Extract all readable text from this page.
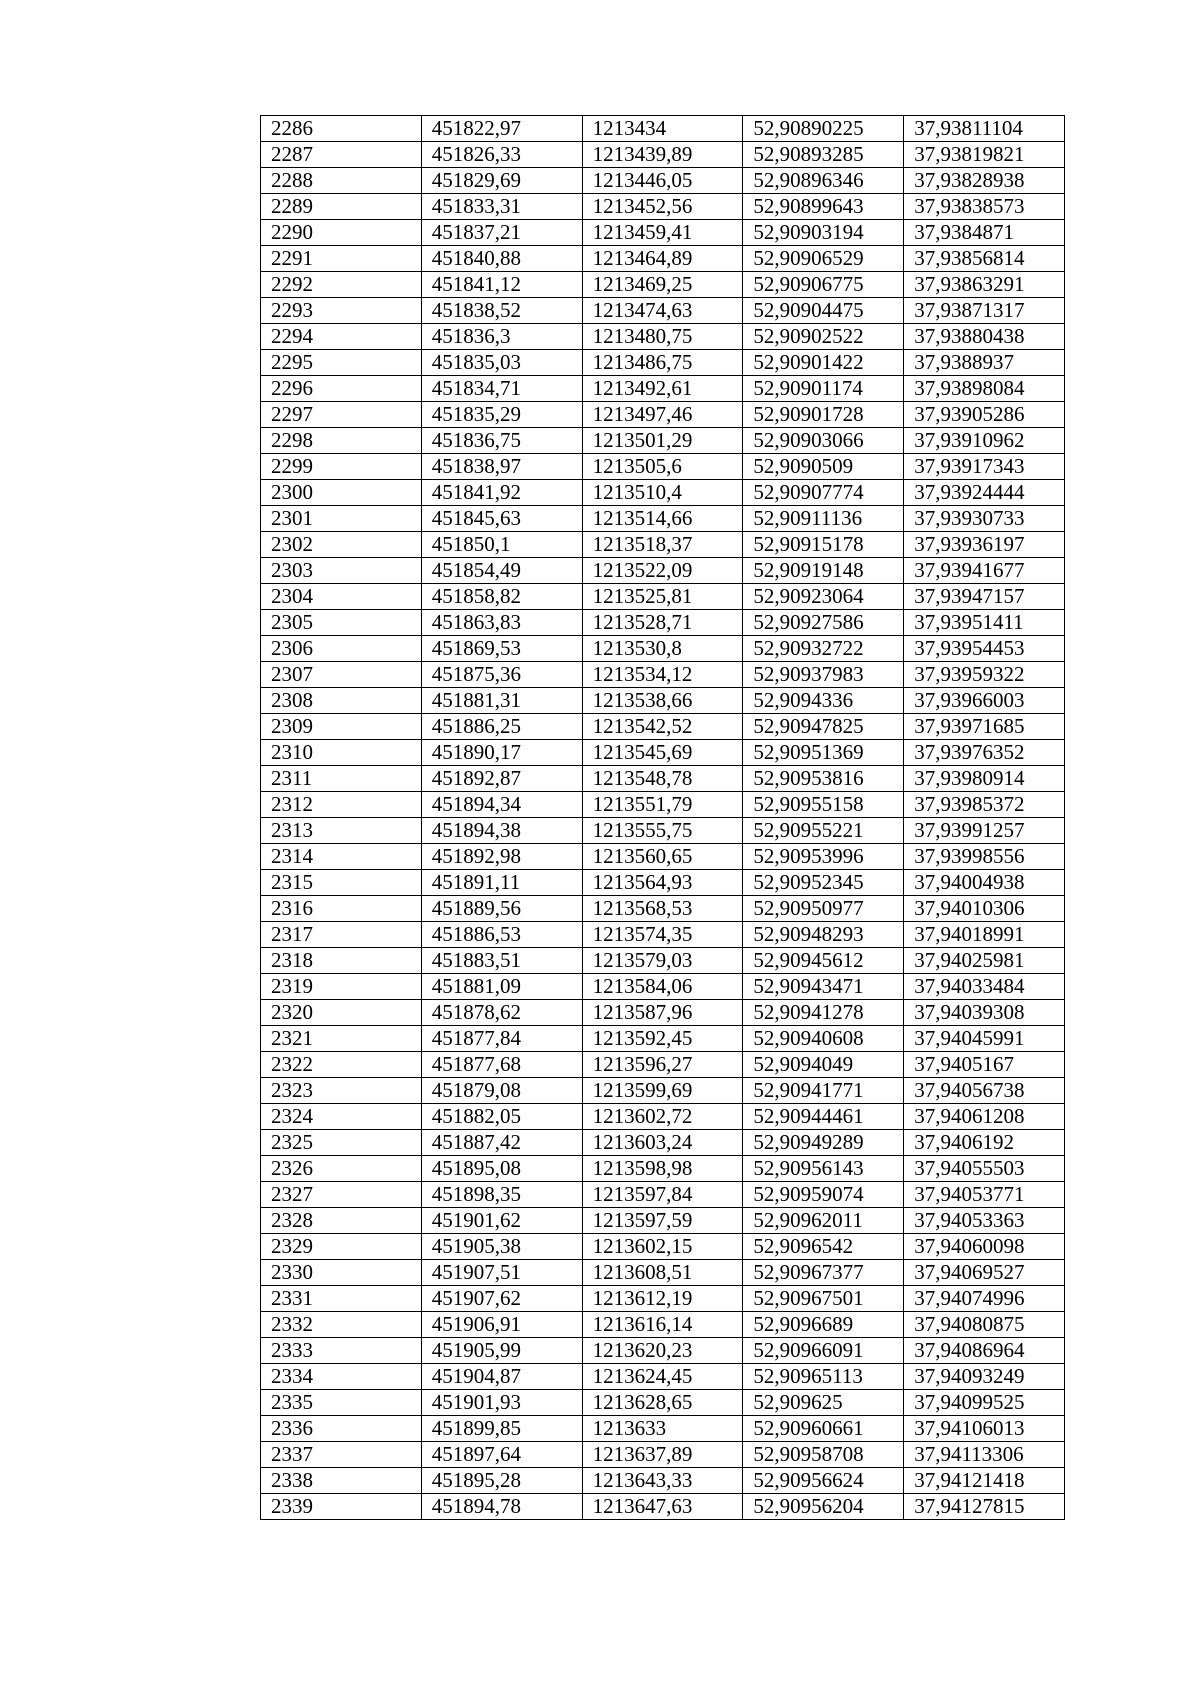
2286	451822,97	1213434	52,90890225	37,93811104
2287	451826,33	1213439,89	52,90893285	37,93819821
2288	451829,69	1213446,05	52,90896346	37,93828938
2289	451833,31	1213452,56	52,90899643	37,93838573
2290	451837,21	1213459,41	52,90903194	37,9384871
2291	451840,88	1213464,89	52,90906529	37,93856814
2292	451841,12	1213469,25	52,90906775	37,93863291
2293	451838,52	1213474,63	52,90904475	37,93871317
2294	451836,3	1213480,75	52,90902522	37,93880438
2295	451835,03	1213486,75	52,90901422	37,9388937
2296	451834,71	1213492,61	52,90901174	37,93898084
2297	451835,29	1213497,46	52,90901728	37,93905286
2298	451836,75	1213501,29	52,90903066	37,93910962
2299	451838,97	1213505,6	52,9090509	37,93917343
2300	451841,92	1213510,4	52,90907774	37,93924444
2301	451845,63	1213514,66	52,90911136	37,93930733
2302	451850,1	1213518,37	52,90915178	37,93936197
2303	451854,49	1213522,09	52,90919148	37,93941677
2304	451858,82	1213525,81	52,90923064	37,93947157
2305	451863,83	1213528,71	52,90927586	37,93951411
2306	451869,53	1213530,8	52,90932722	37,93954453
2307	451875,36	1213534,12	52,90937983	37,93959322
2308	451881,31	1213538,66	52,9094336	37,93966003
2309	451886,25	1213542,52	52,90947825	37,93971685
2310	451890,17	1213545,69	52,90951369	37,93976352
2311	451892,87	1213548,78	52,90953816	37,93980914
2312	451894,34	1213551,79	52,90955158	37,93985372
2313	451894,38	1213555,75	52,90955221	37,93991257
2314	451892,98	1213560,65	52,90953996	37,93998556
2315	451891,11	1213564,93	52,90952345	37,94004938
2316	451889,56	1213568,53	52,90950977	37,94010306
2317	451886,53	1213574,35	52,90948293	37,94018991
2318	451883,51	1213579,03	52,90945612	37,94025981
2319	451881,09	1213584,06	52,90943471	37,94033484
2320	451878,62	1213587,96	52,90941278	37,94039308
2321	451877,84	1213592,45	52,90940608	37,94045991
2322	451877,68	1213596,27	52,9094049	37,9405167
2323	451879,08	1213599,69	52,90941771	37,94056738
2324	451882,05	1213602,72	52,90944461	37,94061208
2325	451887,42	1213603,24	52,90949289	37,9406192
2326	451895,08	1213598,98	52,90956143	37,94055503
2327	451898,35	1213597,84	52,90959074	37,94053771
2328	451901,62	1213597,59	52,90962011	37,94053363
2329	451905,38	1213602,15	52,9096542	37,94060098
2330	451907,51	1213608,51	52,90967377	37,94069527
2331	451907,62	1213612,19	52,90967501	37,94074996
2332	451906,91	1213616,14	52,9096689	37,94080875
2333	451905,99	1213620,23	52,90966091	37,94086964
2334	451904,87	1213624,45	52,90965113	37,94093249
2335	451901,93	1213628,65	52,909625	37,94099525
2336	451899,85	1213633	52,90960661	37,94106013
2337	451897,64	1213637,89	52,90958708	37,94113306
2338	451895,28	1213643,33	52,90956624	37,94121418
2339	451894,78	1213647,63	52,90956204	37,94127815
